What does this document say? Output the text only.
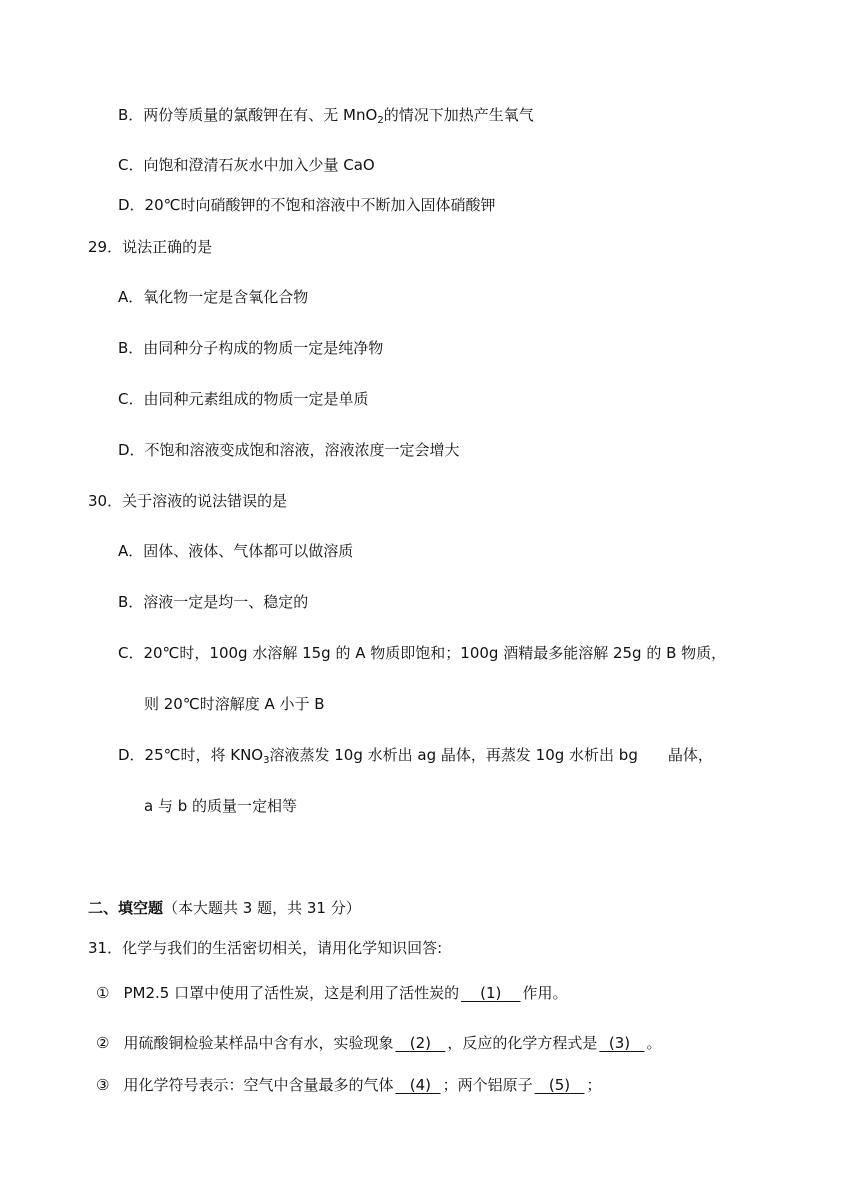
B．两份等质量的氯酸钾在有、无 MnO$_2$的情况下加热产生氧气
C．向饱和澄清石灰水中加入少量 CaO
D．20℃时向硝酸钾的不饱和溶液中不断加入固体硝酸钾
29．说法正确的是
A．氧化物一定是含氧化合物
B．由同种分子构成的物质一定是纯净物
C．由同种元素组成的物质一定是单质
D．不饱和溶液变成饱和溶液，溶液浓度一定会增大
30．关于溶液的说法错误的是
A．固体、液体、气体都可以做溶质
B．溶液一定是均一、稳定的
C．20℃时，100g 水溶解 15g 的 A 物质即饱和；100g 酒精最多能溶解 25g 的 B 物质，
则 20℃时溶解度 A 小于 B
D．25℃时，将 $KNO_3$溶液蒸发 10g 水析出 ag 晶体，再蒸发 10g 水析出 bg 晶体，
a 与 b 的质量一定相等
二、填空题（本大题共 3 题，共 31 分）
31．化学与我们的生活密切相关，请用化学知识回答:
① PM2.5 口罩中使用了活性炭，这是利用了活性炭的 (1) 作用。
② 用硫酸铜检验某样品中含有水，实验现象 (2) ，反应的化学方程式是 (3) 。
③ 用化学符号表示：空气中含量最多的气体 (4) ；两个铝原子 (5) ；
